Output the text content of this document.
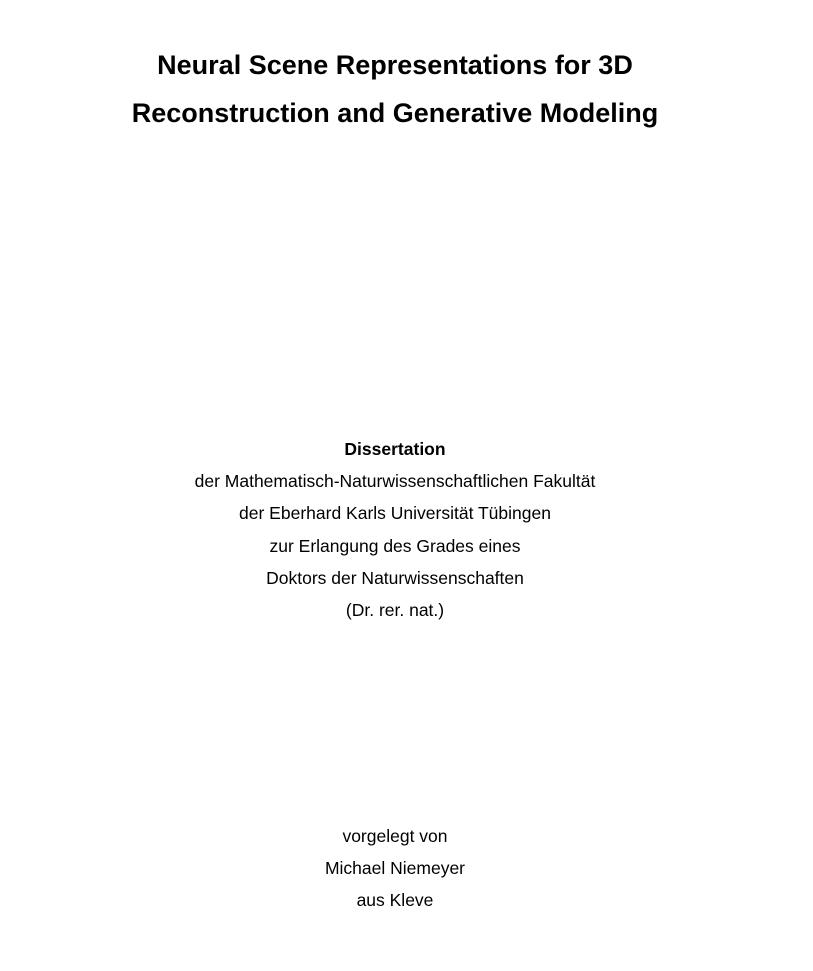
Neural Scene Representations for 3D
Reconstruction and Generative Modeling
Dissertation
der Mathematisch-Naturwissenschaftlichen Fakultät
der Eberhard Karls Universität Tübingen
zur Erlangung des Grades eines
Doktors der Naturwissenschaften
(Dr. rer. nat.)
vorgelegt von
Michael Niemeyer
aus Kleve
